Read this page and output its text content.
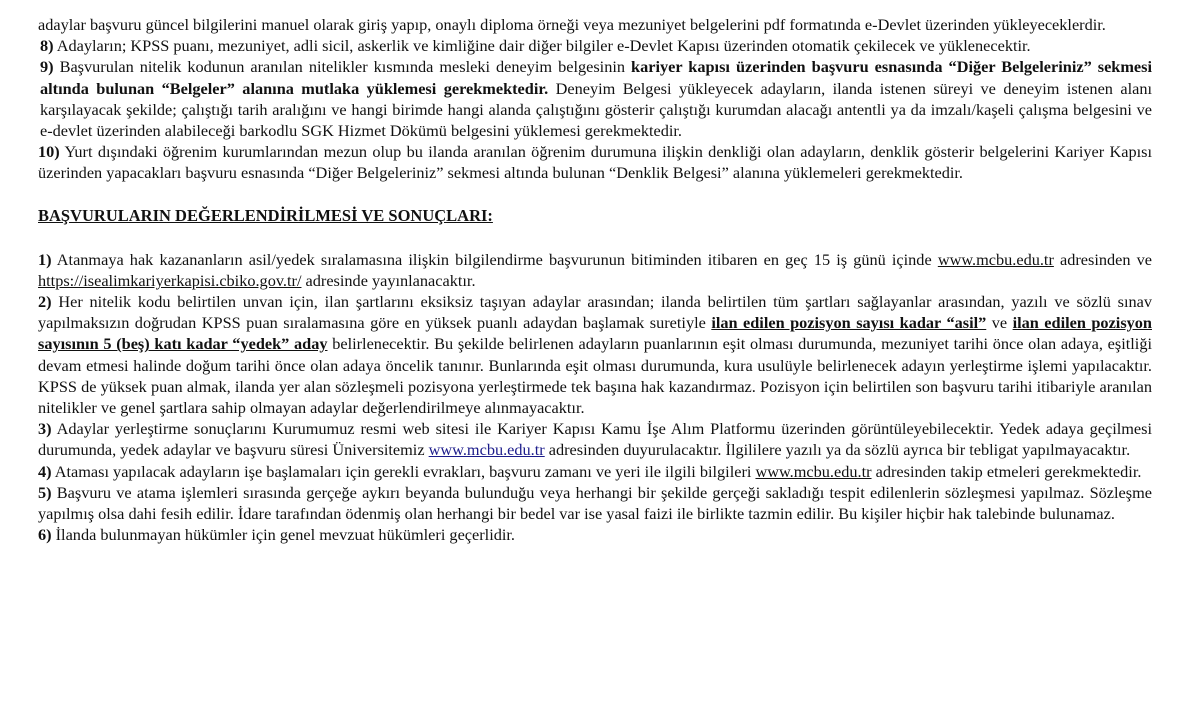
adaylar başvuru güncel bilgilerini manuel olarak giriş yapıp, onaylı diploma örneği veya mezuniyet belgelerini pdf formatında e-Devlet üzerinden yükleyeceklerdir.

8) Adayların; KPSS puanı, mezuniyet, adli sicil, askerlik ve kimliğine dair diğer bilgiler e-Devlet Kapısı üzerinden otomatik çekilecek ve yüklenecektir.

9) Başvurulan nitelik kodunun aranılan nitelikler kısmında mesleki deneyim belgesinin kariyer kapısı üzerinden başvuru esnasında “Diğer Belgeleriniz” sekmesi altında bulunan “Belgeler” alanına mutlaka yüklemesi gerekmektedir. Deneyim Belgesi yükleyecek adayların, ilanda istenen süreyi ve deneyim istenen alanı karşılayacak şekilde; çalıştığı tarih aralığını ve hangi birimde hangi alanda çalıştığını gösterir çalıştığı kurumdan alacağı antentli ya da imzalı/kaşeli çalışma belgesini ve e-devlet üzerinden alabileceği barkodlu SGK Hizmet Dökümü belgesini yüklemesi gerekmektedir.

10) Yurt dışındaki öğrenim kurumlarından mezun olup bu ilanda aranılan öğrenim durumuna ilişkin denkliği olan adayların, denklik gösterir belgelerini Kariyer Kapısı üzerinden yapacakları başvuru esnasında “Diğer Belgeleriniz” sekmesi altında bulunan “Denklik Belgesi” alanına yüklemeleri gerekmektedir.

BAŞVURULARIN DEĞERLENDİRİLMESİ VE SONUÇLARI:

1) Atanmaya hak kazananların asil/yedek sıralamasına ilişkin bilgilendirme başvurunun bitiminden itibaren en geç 15 iş günü içinde www.mcbu.edu.tr adresinden ve https://isealimkariyerkapisi.cbiko.gov.tr/ adresinde yayınlanacaktır.

2) Her nitelik kodu belirtilen unvan için, ilan şartlarını eksiksiz taşıyan adaylar arasından; ilanda belirtilen tüm şartları sağlayanlar arasından, yazılı ve sözlü sınav yapılmaksızın doğrudan KPSS puan sıralamasına göre en yüksek puanlı adaydan başlamak suretiyle ilan edilen pozisyon sayısı kadar “asil” ve ilan edilen pozisyon sayısının 5 (beş) katı kadar “yedek” aday belirlenecektir. Bu şekilde belirlenen adayların puanlarının eşit olması durumunda, mezuniyet tarihi önce olan adaya, eşitliği devam etmesi halinde doğum tarihi önce olan adaya öncelik tanınır. Bunlarında eşit olması durumunda, kura usulüyle belirlenecek adayın yerleştirme işlemi yapılacaktır. KPSS de yüksek puan almak, ilanda yer alan sözleşmeli pozisyona yerleştirmede tek başına hak kazandırmaz. Pozisyon için belirtilen son başvuru tarihi itibariyle aranılan nitelikler ve genel şartlara sahip olmayan adaylar değerlendirilmeye alınmayacaktır.

3) Adaylar yerleştirme sonuçlarını Kurumumuz resmi web sitesi ile Kariyer Kapısı Kamu İşe Alım Platformu üzerinden görüntüleyebilecektir. Yedek adaya geçilmesi durumunda, yedek adaylar ve başvuru süresi Üniversitemiz www.mcbu.edu.tr adresinden duyurulacaktır. İlgililere yazılı ya da sözlü ayrıca bir tebligat yapılmayacaktır.

4) Ataması yapılacak adayların işe başlamaları için gerekli evrakları, başvuru zamanı ve yeri ile ilgili bilgileri www.mcbu.edu.tr adresinden takip etmeleri gerekmektedir.

5) Başvuru ve atama işlemleri sırasında gerçeğe aykırı beyanda bulunduğu veya herhangi bir şekilde gerçeği sakladığı tespit edilenlerin sözleşmesi yapılmaz. Sözleşme yapılmış olsa dahi fesih edilir. İdare tarafından ödenmiş olan herhangi bir bedel var ise yasal faizi ile birlikte tazmin edilir. Bu kişiler hiçbir hak talebinde bulunamaz.

6) İlanda bulunmayan hükümler için genel mevzuat hükümleri geçerlidir.
